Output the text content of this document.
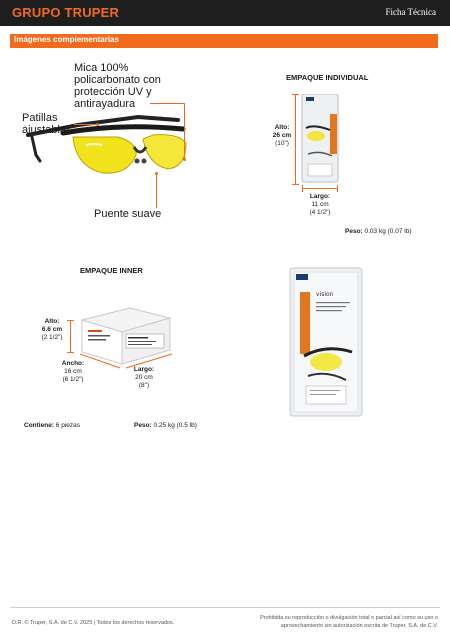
GRUPO TRUPER	Ficha Técnica
Imágenes complementarias
Mica 100% policarbonato con protección UV y antirayadura
Patillas ajustables
Puente suave
EMPAQUE INDIVIDUAL
Alto:
26 cm
(10")
Largo:
11 cm
(4 1/2")
Peso: 0.03 kg (0.07 lb)
EMPAQUE INNER
Alto:
6.6 cm
(2 1/2")
Ancho:
16 cm
(6 1/2")
Largo:
20 cm
(8")
Contiene: 6 piezas	Peso: 0.25 kg (0.5 lb)
vision
D.R. © Truper, S.A. de C.V. 2025 | Todos los derechos reservados.
Prohibida su reproducción o divulgación total o parcial así como su uso o
aprovechamiento sin autorización escrita de Truper, S.A. de C.V.
